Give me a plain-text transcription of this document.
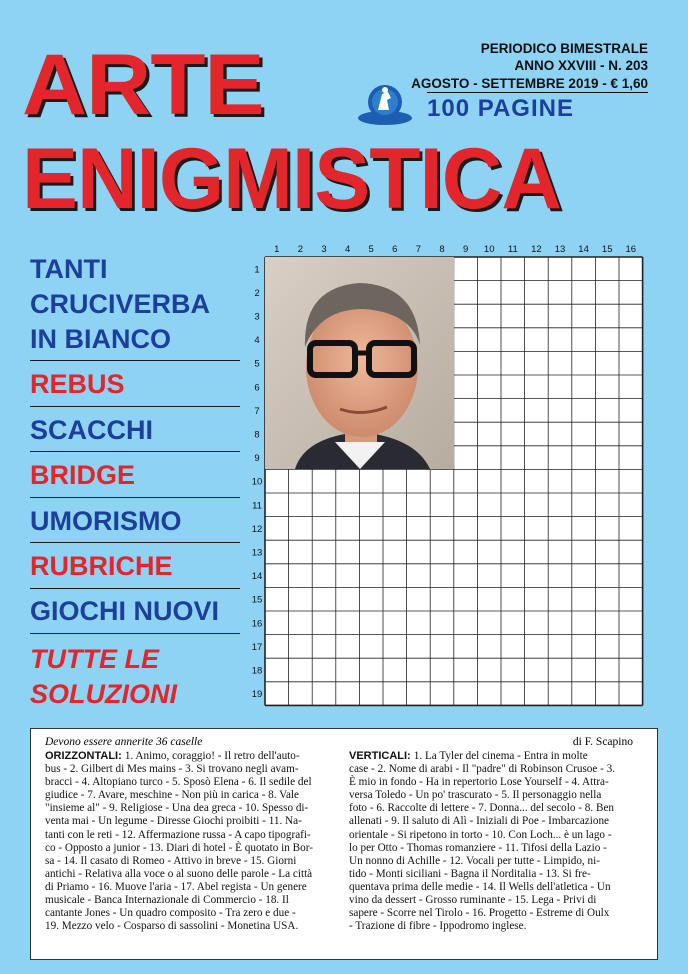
ARTE
ENIGMISTICA
PERIODICO BIMESTRALE
ANNO XXVIII - N. 203
AGOSTO - SETTEMBRE 2019 - € 1,60
100 PAGINE
TANTI
CRUCIVERBA
IN BIANCO
REBUS
SCACCHI
BRIDGE
UMORISMO
RUBRICHE
GIOCHI NUOVI
TUTTE LE
SOLUZIONI
1 2 3 4 5 6 7 8 9 10 11 12 13 14 15 16
1
2
3
4
5
6
7
8
9
10
11
12
13
14
15
16
17
18
19
Devono essere annerite 36 caselle	di F. Scapino
ORIZZONTALI: 1. Animo, coraggio! - Il retro dell'auto-
bus - 2. Gilbert di Mes mains - 3. Si trovano negli avam-
bracci - 4. Altopiano turco - 5. Sposò Elena - 6. Il sedile del
giudice - 7. Avare, meschine - Non più in carica - 8. Vale
"insieme al" - 9. Religiose - Una dea greca - 10. Spesso di-
venta mai - Un legume - Diresse Giochi proibiti - 11. Na-
tanti con le reti - 12. Affermazione russa - A capo tipografi-
co - Opposto a junior - 13. Diari di hotel - È quotato in Bor-
sa - 14. Il casato di Romeo - Attivo in breve - 15. Giorni
antichi - Relativa alla voce o al suono delle parole - La città
di Priamo - 16. Muove l'aria - 17. Abel regista - Un genere
musicale - Banca Internazionale di Commercio - 18. Il
cantante Jones - Un quadro composito - Tra zero e due -
19. Mezzo velo - Cosparso di sassolini - Monetina USA.
VERTICALI: 1. La Tyler del cinema - Entra in molte
case - 2. Nome di arabi - Il "padre" di Robinson Crusoe - 3.
È mio in fondo - Ha in repertorio Lose Yourself - 4. Attra-
versa Toledo - Un po' trascurato - 5. Il personaggio nella
foto - 6. Raccolte di lettere - 7. Donna... del secolo - 8. Ben
allenati - 9. Il saluto di Alì - Iniziali di Poe - Imbarcazione
orientale - Si ripetono in torto - 10. Con Loch... è un lago -
lo per Otto - Thomas romanziere - 11. Tifosi della Lazio -
Un nonno di Achille - 12. Vocali per tutte - Limpido, ni-
tido - Monti siciliani - Bagna il Norditalia - 13. Si fre-
quentava prima delle medie - 14. Il Wells dell'atletica - Un
vino da dessert - Grosso ruminante - 15. Lega - Privi di
sapere - Scorre nel Tirolo - 16. Progetto - Estreme di Oulx
- Trazione di fibre - Ippodromo inglese.
